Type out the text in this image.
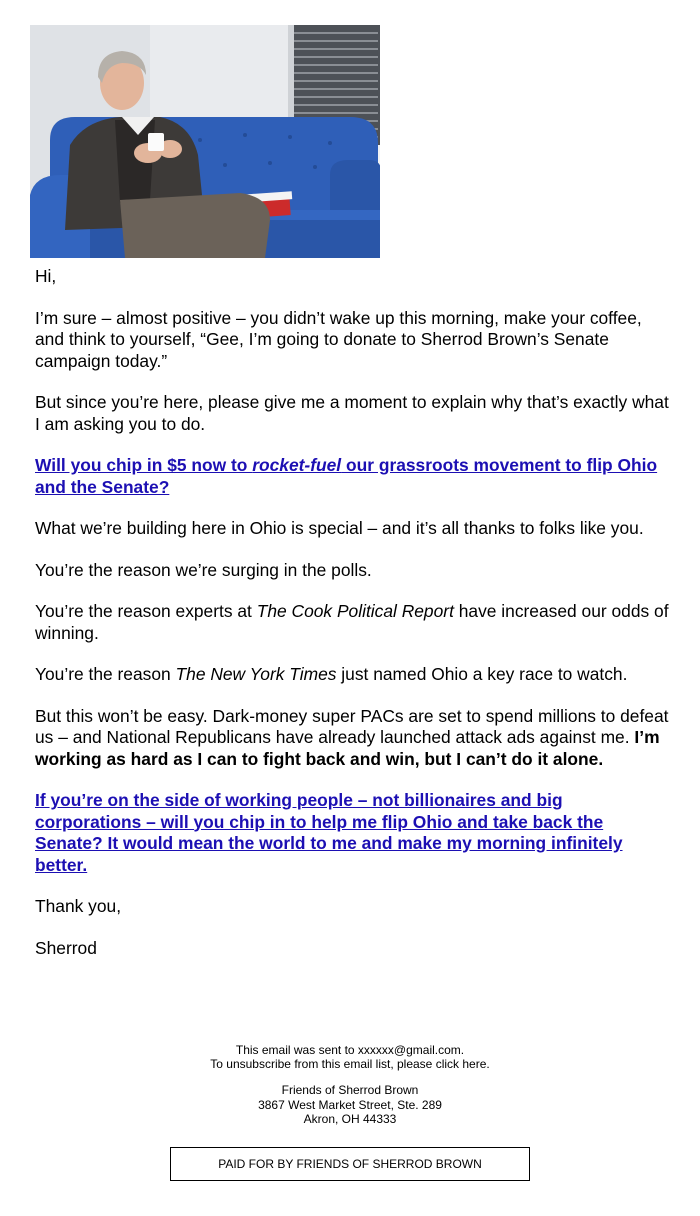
Hi,

I’m sure – almost positive – you didn’t wake up this morning, make your coffee, and think to yourself, “Gee, I’m going to donate to Sherrod Brown’s Senate campaign today.”

But since you’re here, please give me a moment to explain why that’s exactly what I am asking you to do.

Will you chip in $5 now to rocket-fuel our grassroots movement to flip Ohio and the Senate?

What we’re building here in Ohio is special – and it’s all thanks to folks like you.

You’re the reason we’re surging in the polls.

You’re the reason experts at The Cook Political Report have increased our odds of winning.

You’re the reason The New York Times just named Ohio a key race to watch.

But this won’t be easy. Dark-money super PACs are set to spend millions to defeat us – and National Republicans have already launched attack ads against me. I’m working as hard as I can to fight back and win, but I can’t do it alone.

If you’re on the side of working people – not billionaires and big corporations – will you chip in to help me flip Ohio and take back the Senate? It would mean the world to me and make my morning infinitely better.

Thank you,

Sherrod

This email was sent to xxxxxx@gmail.com.
To unsubscribe from this email list, please click here.

Friends of Sherrod Brown
3867 West Market Street, Ste. 289
Akron, OH 44333

PAID FOR BY FRIENDS OF SHERROD BROWN
